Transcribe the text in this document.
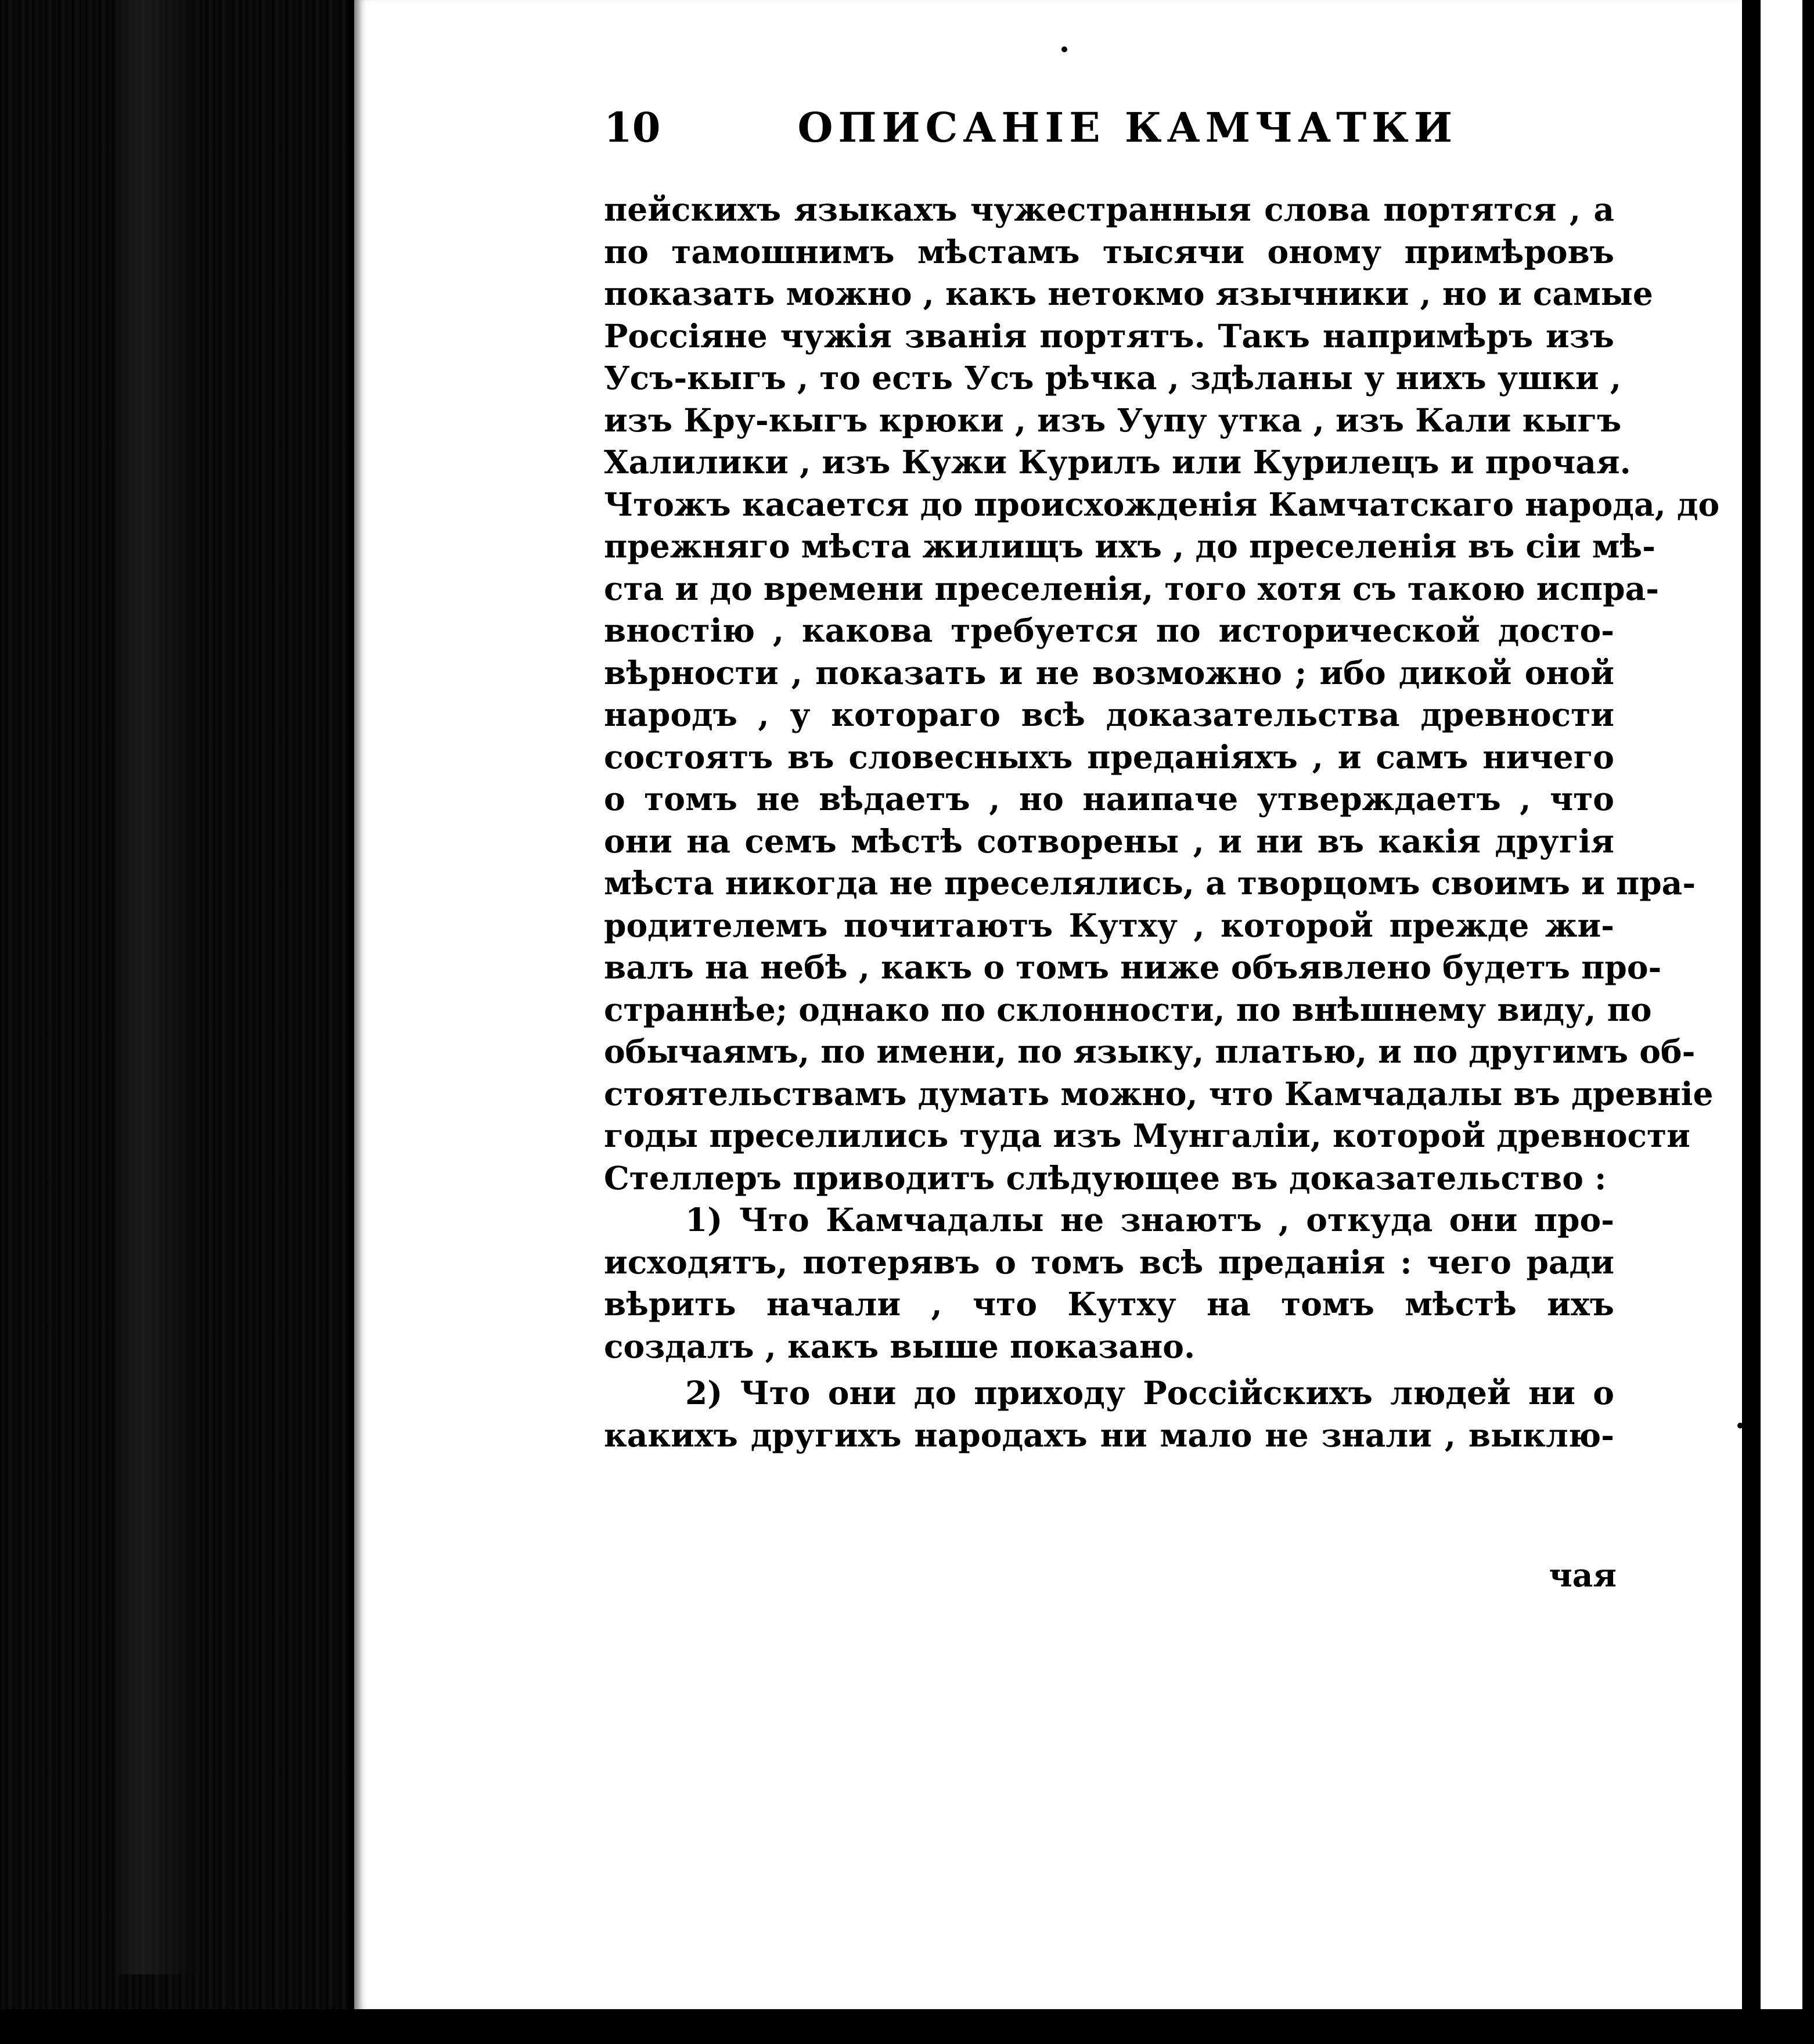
10	ОПИСАНІЕ КАМЧАТКИ
пейскихъ языкахъ чужестранныя слова портятся , а
по тамошнимъ мѣстамъ тысячи оному примѣровъ
показать можно , какъ нетокмо язычники , но и самые
Россіяне чужія званія портятъ. Такъ напримѣръ изъ
Усъ-кыгъ , то есть Усъ рѣчка , здѣланы у нихъ ушки ,
изъ Кру-кыгъ крюки , изъ Уупу утка , изъ Кали кыгъ
Халилики , изъ Кужи Курилъ или Курилецъ и прочая.
Чтожъ касается до происхожденія Камчатскаго народа, до
прежняго мѣста жилищъ ихъ , до преселенія въ сіи мѣ-
ста и до времени преселенія, того хотя съ такою испра-
вностію , какова требуется по исторической досто-
вѣрности , показать и не возможно ; ибо дикой оной
народъ , у котораго всѣ доказательства древности
состоятъ въ словесныхъ преданіяхъ , и самъ ничего
о томъ не вѣдаетъ , но наипаче утверждаетъ , что
они на семъ мѣстѣ сотворены , и ни въ какія другія
мѣста никогда не преселялись, а творцомъ своимъ и пра-
родителемъ почитаютъ Кутху , которой прежде жи-
валъ на небѣ , какъ о томъ ниже объявлено будетъ про-
страннѣе; однако по склонности, по внѣшнему виду, по
обычаямъ, по имени, по языку, платью, и по другимъ об-
стоятельствамъ думать можно, что Камчадалы въ древніе
годы преселились туда изъ Мунгаліи, которой древности
Стеллеръ приводитъ слѣдующее въ доказательство :
1) Что Камчадалы не знаютъ , откуда они про-
исходятъ, потерявъ о томъ всѣ преданія : чего ради
вѣрить начали , что Кутху на томъ мѣстѣ ихъ
создалъ , какъ выше показано.
2) Что они до приходу Россійскихъ людей ни о
какихъ другихъ народахъ ни мало не знали , выклю-
чая
